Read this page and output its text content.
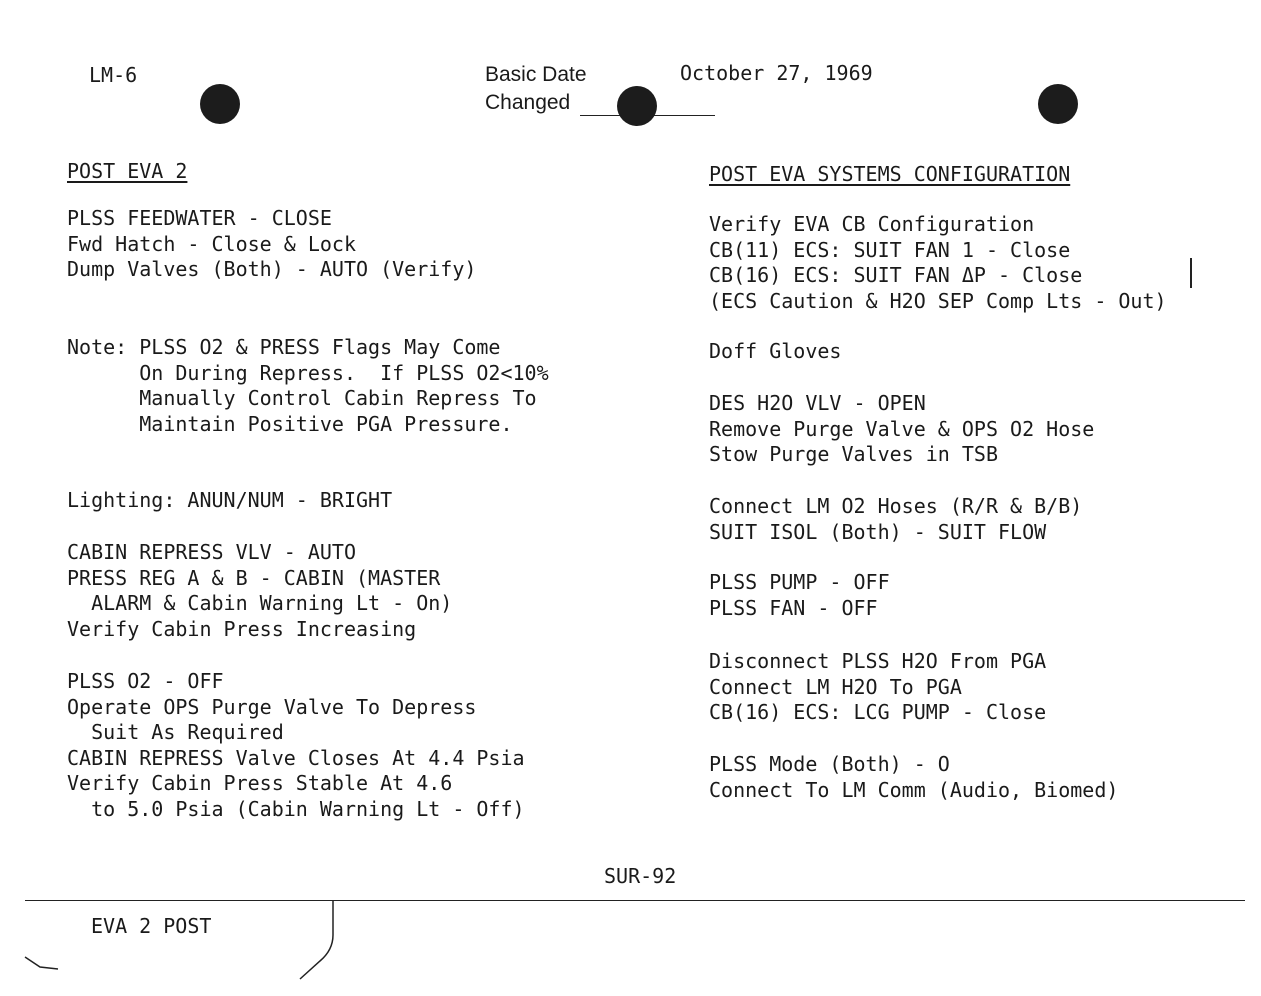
LM-6	Basic Date	October 27, 1969
Changed
POST EVA 2	POST EVA SYSTEMS CONFIGURATION
PLSS FEEDWATER - CLOSE
Fwd Hatch - Close & Lock
Dump Valves (Both) - AUTO (Verify)
Note: PLSS O2 & PRESS Flags May Come
On During Repress.  If PLSS O2<10%
Manually Control Cabin Repress To
Maintain Positive PGA Pressure.
Lighting: ANUN/NUM - BRIGHT
CABIN REPRESS VLV - AUTO
PRESS REG A & B - CABIN (MASTER
ALARM & Cabin Warning Lt - On)
Verify Cabin Press Increasing
PLSS O2 - OFF
Operate OPS Purge Valve To Depress
Suit As Required
CABIN REPRESS Valve Closes At 4.4 Psia
Verify Cabin Press Stable At 4.6
to 5.0 Psia (Cabin Warning Lt - Off)
Verify EVA CB Configuration
CB(11) ECS: SUIT FAN 1 - Close
CB(16) ECS: SUIT FAN ΔP - Close
(ECS Caution & H2O SEP Comp Lts - Out)
Doff Gloves
DES H2O VLV - OPEN
Remove Purge Valve & OPS O2 Hose
Stow Purge Valves in TSB
Connect LM O2 Hoses (R/R & B/B)
SUIT ISOL (Both) - SUIT FLOW
PLSS PUMP - OFF
PLSS FAN - OFF
Disconnect PLSS H2O From PGA
Connect LM H2O To PGA
CB(16) ECS: LCG PUMP - Close
PLSS Mode (Both) - O
Connect To LM Comm (Audio, Biomed)
SUR-92
EVA 2 POST
